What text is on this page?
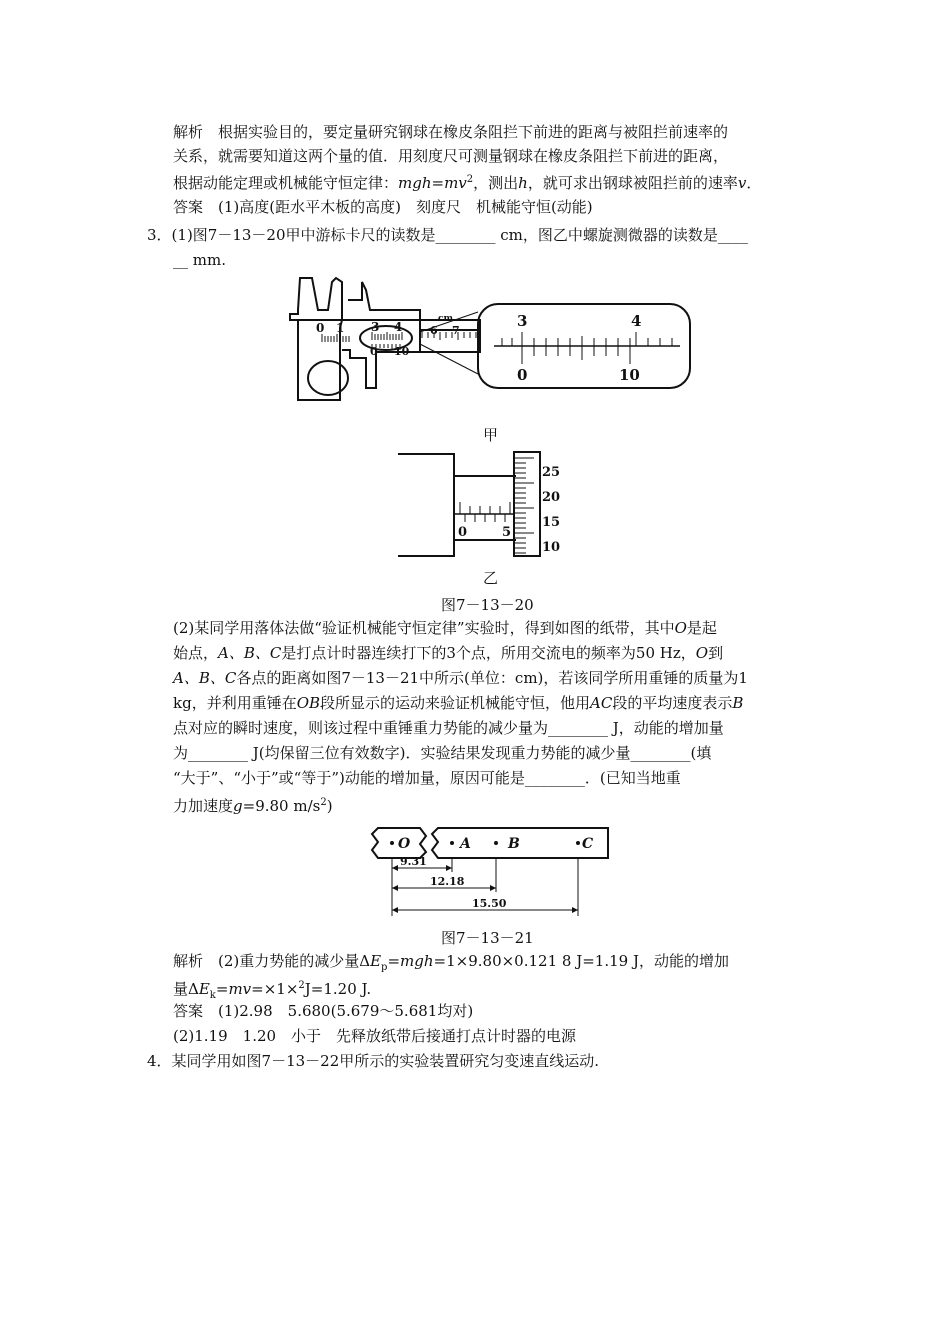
解析　根据实验目的，要定量研究钢球在橡皮条阻拦下前进的距离与被阻拦前速率的
关系，就需要知道这两个量的值．用刻度尺可测量钢球在橡皮条阻拦下前进的距离，
根据动能定理或机械能守恒定律：$mgh=mv^2$，测出h，就可求出钢球被阻拦前的速率v．
答案　(1)高度(距水平木板的高度)　刻度尺　机械能守恒(动能)
3．(1)图7－13－20甲中游标卡尺的读数是________ cm，图乙中螺旋测微器的读数是____
__ mm.
0 1 3 4
0 10
cm
6 7
3	4
0	10
甲
0	5
25
20
15
10
乙
图7－13－20
(2)某同学用落体法做“验证机械能守恒定律”实验时，得到如图的纸带，其中O是起
始点，A、B、C是打点计时器连续打下的3个点，所用交流电的频率为50 Hz，O到
A、B、C各点的距离如图7－13－21中所示(单位：cm)，若该同学所用重锤的质量为1
kg，并利用重锤在OB段所显示的运动来验证机械能守恒，他用AC段的平均速度表示B
点对应的瞬时速度，则该过程中重锤重力势能的减少量为________ J，动能的增加量
为________ J(均保留三位有效数字)．实验结果发现重力势能的减少量________(填
“大于”、“小于”或“等于”)动能的增加量，原因可能是________．(已知当地重
力加速度g=9.80 $m/s^2$)
O	A	B	C
9.31
12.18
15.50
图7－13－21
解析　(2)重力势能的减少量$\Delta E_p=mgh=1\times 9.80\times 0.121$ 8 J=1.19 J，动能的增加
量$\Delta E_k=mv=\times 1\times^2J=1.20$ J.
答案　(1)2.98　5.680(5.679～5.681均对)
(2)1.19　1.20　小于　先释放纸带后接通打点计时器的电源
4．某同学用如图7－13－22甲所示的实验装置研究匀变速直线运动.
